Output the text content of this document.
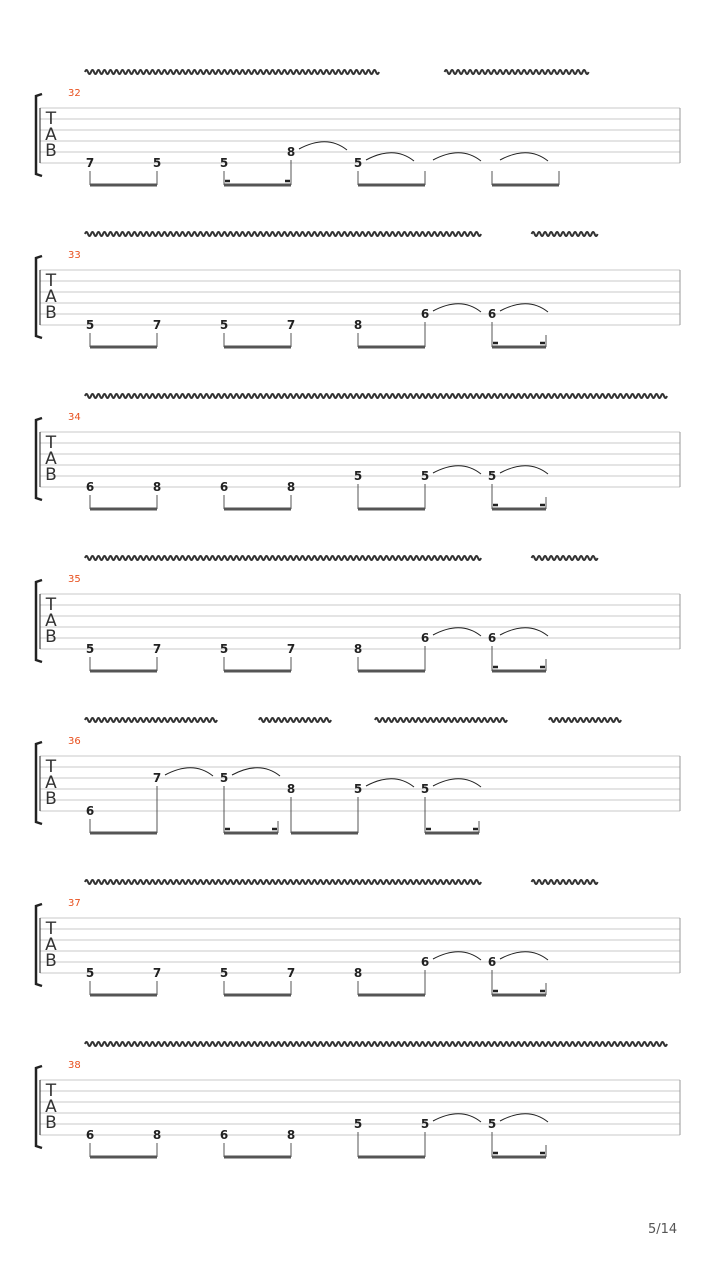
T
A
B
32
7	5	5
8
5
T
A
B
33
5	7	5	7	8
6	6
T
A
B
34
6	8	6	8
5	5	5
T
A
B
35
5	7	5	7	8
6	6
T
A
B
36
6
7	5
8	5	5
T
A
B
37
5	7	5	7	8
6	6
T
A
B
38
6	8	6	8
5	5	5
5/14
